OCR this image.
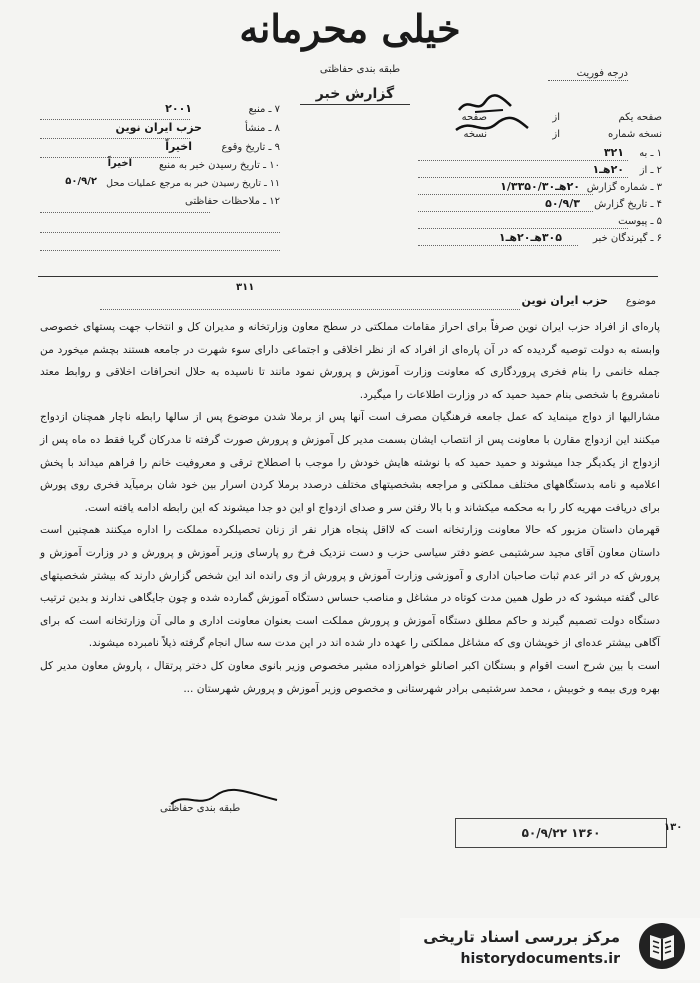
خیلی محرمانه
درجه فوریت
طبقه بندی حفاظتی
گزارش خبر
صفحه یکم
نسخه شماره
از
صفحه
از
نسخه
۱ ـ به
۳۲۱
۲ ـ از
۲۰هـ۱
۳ ـ شماره گزارش
۲۰هـ۱/۳۳۵۰/۳۰
۴ ـ تاریخ گزارش
۵۰/۹/۳
۵ ـ پیوست
۶ ـ گیرندگان خبر
۳۰۵هـ۲۰هـ۱
۷ ـ منبع
۲۰۰۱
۸ ـ منشأ
حزب ایران نوین
۹ ـ تاریخ وقوع
اخیراً
۱۰ ـ تاریخ رسیدن خبر به منبع
اخیراً
۱۱ ـ تاریخ رسیدن خبر به مرجع عملیات محل
۵۰/۹/۲
۱۲ ـ ملاحظات حفاظتی
موضوع
حزب ایران نوین
۳۱۱

پاره‌ای از افراد حزب ایران نوین صرفاً برای احراز مقامات مملکتی در سطح معاون وزارتخانه و مدیران کل و انتخاب جهت پستهای خصوصی وابسته به دولت توصیه گردیده که در آن پاره‌ای از افراد که از نظر اخلاقی و اجتماعی دارای سوء شهرت در جامعه هستند بچشم میخورد من جمله خانمی را بنام فخری پروردگاری که معاونت وزارت آموزش و پرورش نمود مانند تا ناسیده به حلال انحرافات اخلاقی و روابط معتد نامشروع با شخصی بنام حمید حمید که در وزارت اطلاعات را میگیرد.

مشارالیها از دواج مینماید که عمل جامعه فرهنگیان مصرف است آنها پس از برملا شدن موضوع پس از سالها رابطه ناچار همچنان ازدواج میکنند این ازدواج مقارن با معاونت پس از انتصاب ایشان بسمت مدیر کل آموزش و پرورش صورت گرفته تا مدرکان گریا فقط ده ماه پس از ازدواج از یکدیگر جدا میشوند و حمید حمید که با نوشته هایش خودش را موجب با اصطلاح ترقی و معروفیت خانم را فراهم میداند با پخش اعلامیه و نامه بدستگاههای مختلف مملکتی و مراجعه بشخصیتهای مختلف درصدد برملا کردن اسرار بین خود شان برمیآید فخری روی پورش برای دریافت مهریه کار را به محکمه میکشاند و با بالا رفتن سر و صدای ازدواج او این دو جدا میشوند که این رابطه ادامه یافته است.

قهرمان داستان مزبور که حالا معاونت وزارتخانه است که لااقل پنجاه هزار نفر از زنان تحصیلکرده مملکت را اداره میکنند همچنین است داستان معاون آقای مجید سرشتیمی عضو دفتر سیاسی حزب و دست نزدیک فرخ رو پارسای وزیر آموزش و پرورش و در وزارت آموزش و پرورش که در اثر عدم ثبات صاحبان اداری و آموزشی وزارت آموزش و پرورش از وی رانده اند این شخص گزارش دارند که بیشتر شخصیتهای عالی گفته میشود که در طول همین مدت کوتاه در مشاغل و مناصب حساس دستگاه آموزش گمارده شده و چون جایگاهی ندارند و بدین ترتیب دستگاه دولت تصمیم گیرند و حاکم مطلق دستگاه آموزش و پرورش مملکت است بعنوان معاونت اداری و مالی آن وزارتخانه است که برای آگاهی بیشتر عده‌ای از خویشان وی که مشاغل مملکتی را عهده دار شده اند در این مدت سه سال انجام گرفته ذیلاً نامبرده میشوند.

است با بین شرح است اقوام و بستگان اکبر اصانلو خواهرزاده مشیر مخصوص وزیر بانوی معاون کل دختر پرتقال ، پاروش معاون مدیر کل بهره وری بیمه و خوبیش ، محمد سرشتیمی برادر شهرستانی و مخصوص وزیر آموزش و پرورش شهرستان ...

طبقه بندی حفاظتی
۵۰/۹/۲۲ ۱۳۶۰	۱۳۰
مرکز بررسی اسناد تاریخی
historydocuments.ir
